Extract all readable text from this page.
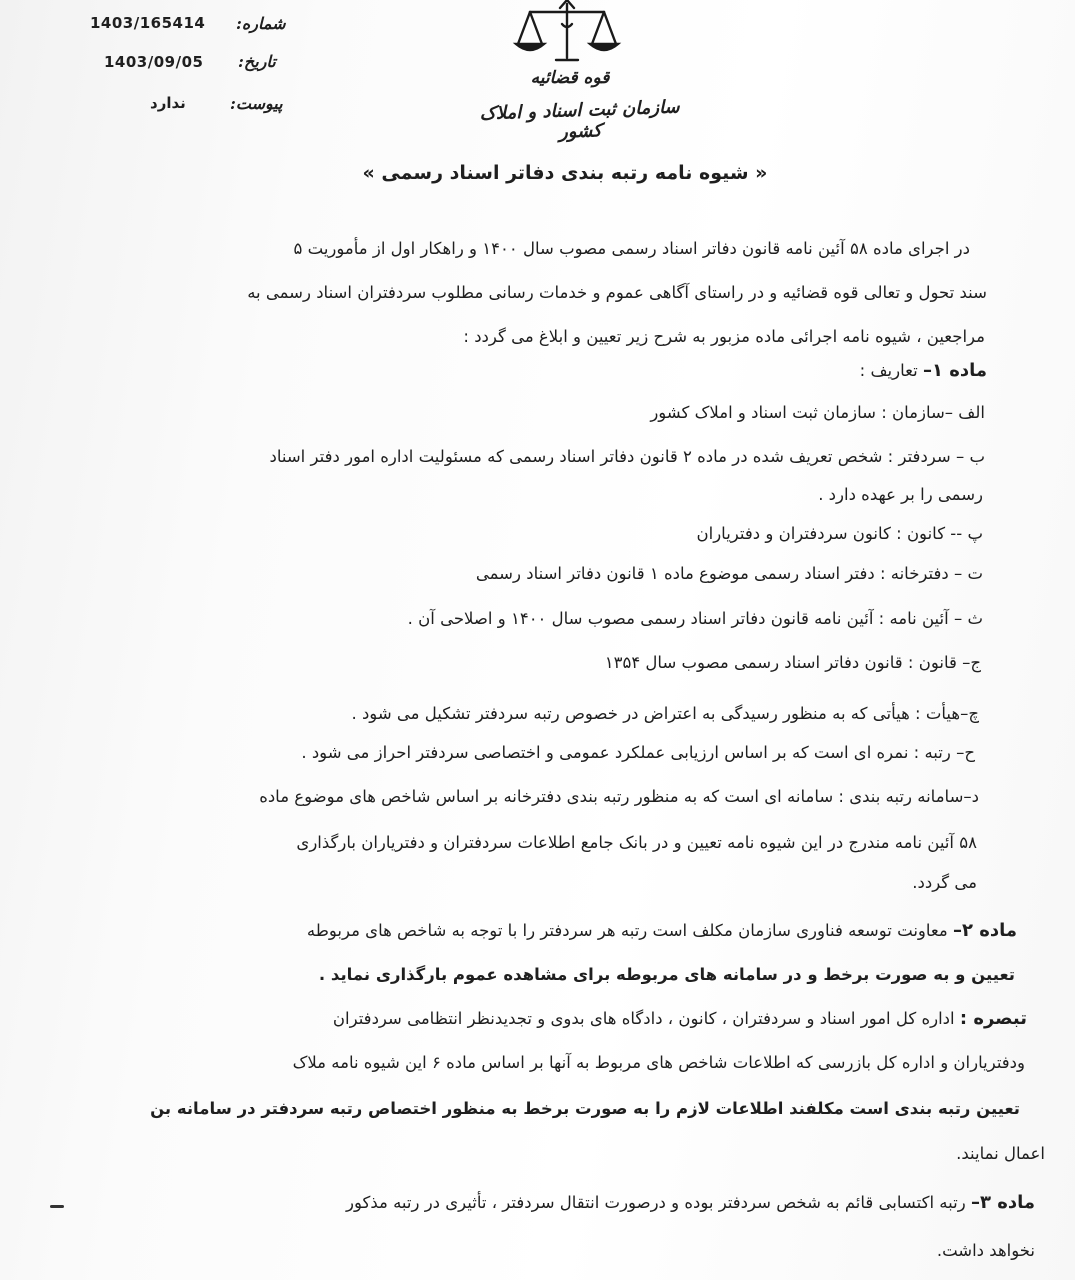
شماره:
1403/165414
تاریخ:
1403/09/05
پیوست:
ندارد
قوه قضائیه
سازمان ثبت اسناد و املاک کشور
« شیوه نامه رتبه بندی دفاتر اسناد رسمی »
در اجرای ماده ۵۸ آئین نامه قانون دفاتر اسناد رسمی مصوب سال ۱۴۰۰ و راهکار اول از مأموریت ۵
سند تحول و تعالی قوه قضائیه و در راستای آگاهی عموم و خدمات رسانی مطلوب سردفتران اسناد رسمی به
مراجعین ، شیوه نامه اجرائی ماده مزبور به شرح زیر تعیین و ابلاغ می گردد :
ماده ۱– تعاریف :
الف –سازمان : سازمان ثبت اسناد و املاک کشور
ب – سردفتر : شخص تعریف شده در ماده ۲ قانون دفاتر اسناد رسمی که مسئولیت اداره امور دفتر اسناد
رسمی را بر عهده دارد .
پ -- کانون : کانون سردفتران و دفتریاران
ت – دفترخانه : دفتر اسناد رسمی موضوع ماده ۱ قانون دفاتر اسناد رسمی
ث – آئین نامه : آئین نامه قانون دفاتر اسناد رسمی مصوب سال ۱۴۰۰ و اصلاحی آن .
ج– قانون : قانون دفاتر اسناد رسمی مصوب سال ۱۳۵۴
چ–هیأت : هیأتی که به منظور رسیدگی به اعتراض در خصوص رتبه سردفتر تشکیل می شود .
ح– رتبه : نمره ای است که بر اساس ارزیابی عملکرد عمومی و اختصاصی سردفتر احراز می شود .
د–سامانه رتبه بندی : سامانه ای است که به منظور رتبه بندی دفترخانه بر اساس شاخص های موضوع ماده
۵۸ آئین نامه مندرج در این شیوه نامه تعیین و در بانک جامع اطلاعات سردفتران و دفتریاران بارگذاری
می گردد.
ماده ۲– معاونت توسعه فناوری سازمان مکلف است رتبه هر سردفتر را با توجه به شاخص های مربوطه
تعیین و به صورت برخط و در سامانه های مربوطه برای مشاهده عموم بارگذاری نماید .
تبصره : اداره کل امور اسناد و سردفتران ، کانون ، دادگاه های بدوی و تجدیدنظر انتظامی سردفتران
ودفتریاران و اداره کل بازرسی که اطلاعات شاخص های مربوط به آنها بر اساس ماده ۶ این شیوه نامه ملاک
تعیین رتبه بندی است مکلفند اطلاعات لازم را به صورت برخط به منظور اختصاص رتبه سردفتر در سامانه بن
اعمال نمایند.
ماده ۳– رتبه اکتسابی قائم به شخص سردفتر بوده و درصورت انتقال سردفتر ، تأثیری در رتبه مذکور
نخواهد داشت.
